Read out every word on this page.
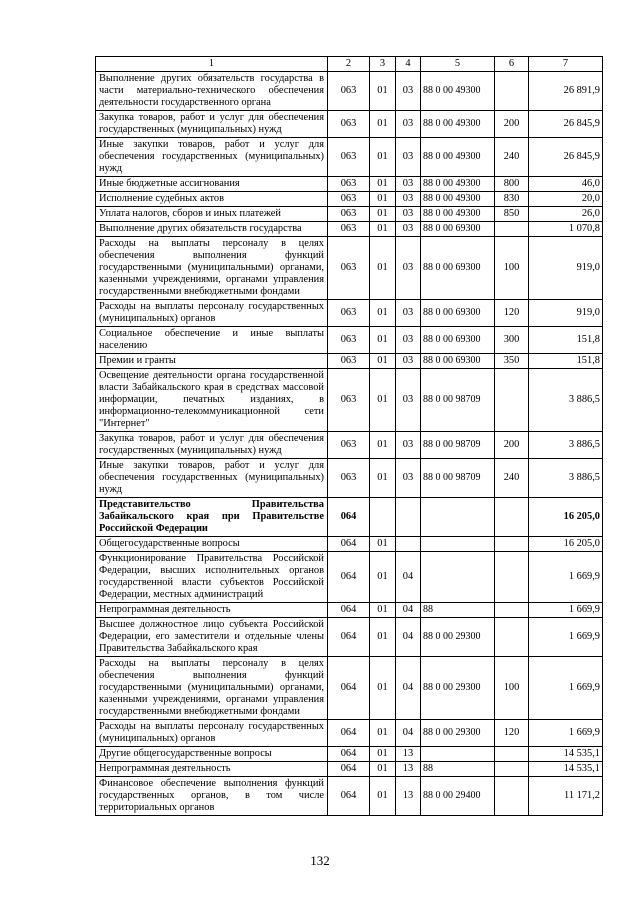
1	2	3	4	5	6	7
Выполнение других обязательств государства в части материально-технического обеспечения деятельности государственного органа	063	01	03	88 0 00 49300		26 891,9
Закупка товаров, работ и услуг для обеспечения государственных (муниципальных) нужд	063	01	03	88 0 00 49300	200	26 845,9
Иные закупки товаров, работ и услуг для обеспечения государственных (муниципальных) нужд	063	01	03	88 0 00 49300	240	26 845,9
Иные бюджетные ассигнования	063	01	03	88 0 00 49300	800	46,0
Исполнение судебных актов	063	01	03	88 0 00 49300	830	20,0
Уплата налогов, сборов и иных платежей	063	01	03	88 0 00 49300	850	26,0
Выполнение других обязательств государства	063	01	03	88 0 00 69300		1 070,8
Расходы на выплаты персоналу в целях обеспечения выполнения функций государственными (муниципальными) органами, казенными учреждениями, органами управления государственными внебюджетными фондами	063	01	03	88 0 00 69300	100	919,0
Расходы на выплаты персоналу государственных (муниципальных) органов	063	01	03	88 0 00 69300	120	919,0
Социальное обеспечение и иные выплаты населению	063	01	03	88 0 00 69300	300	151,8
Премии и гранты	063	01	03	88 0 00 69300	350	151,8
Освещение деятельности органа государственной власти Забайкальского края в средствах массовой информации, печатных изданиях, в информационно-телекоммуникационной сети "Интернет"	063	01	03	88 0 00 98709		3 886,5
Закупка товаров, работ и услуг для обеспечения государственных (муниципальных) нужд	063	01	03	88 0 00 98709	200	3 886,5
Иные закупки товаров, работ и услуг для обеспечения государственных (муниципальных) нужд	063	01	03	88 0 00 98709	240	3 886,5
Представительство Правительства Забайкальского края при Правительстве Российской Федерации	064					16 205,0
Общегосударственные вопросы	064	01				16 205,0
Функционирование Правительства Российской Федерации, высших исполнительных органов государственной власти субъектов Российской Федерации, местных администраций	064	01	04			1 669,9
Непрограммная деятельность	064	01	04	88		1 669,9
Высшее должностное лицо субъекта Российской Федерации, его заместители и отдельные члены Правительства Забайкальского края	064	01	04	88 0 00 29300		1 669,9
Расходы на выплаты персоналу в целях обеспечения выполнения функций государственными (муниципальными) органами, казенными учреждениями, органами управления государственными внебюджетными фондами	064	01	04	88 0 00 29300	100	1 669,9
Расходы на выплаты персоналу государственных (муниципальных) органов	064	01	04	88 0 00 29300	120	1 669,9
Другие общегосударственные вопросы	064	01	13			14 535,1
Непрограммная деятельность	064	01	13	88		14 535,1
Финансовое обеспечение выполнения функций государственных органов, в том числе территориальных органов	064	01	13	88 0 00 29400		11 171,2
132
